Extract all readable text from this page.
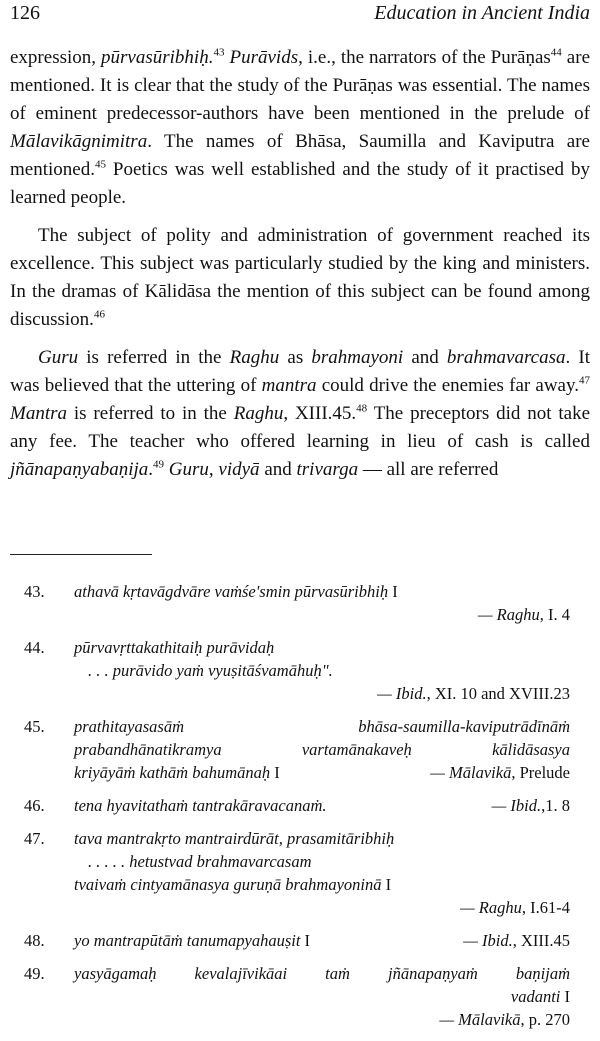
126	Education in Ancient India

expression, pūrvasūribhiḥ.$^{43}$ Purāvids, i.e., the narrators of the Purāṇas$^{44}$ are mentioned. It is clear that the study of the Purāṇas was essential. The names of eminent predecessor-authors have been mentioned in the prelude of Mālavikāgnimitra. The names of Bhāsa, Saumilla and Kaviputra are mentioned.$^{45}$ Poetics was well established and the study of it practised by learned people.

The subject of polity and administration of government reached its excellence. This subject was particularly studied by the king and ministers. In the dramas of Kālidāsa the mention of this subject can be found among discussion.$^{46}$

Guru is referred in the Raghu as brahmayoni and brahmavarcasa. It was believed that the uttering of mantra could drive the enemies far away.$^{47}$ Mantra is referred to in the Raghu, XIII.45.48 The preceptors did not take any fee. The teacher who offered learning in lieu of cash is called jñānapaṇyabaṇija.$^{49}$ Guru, vidyā and trivarga — all are referred

43. athavā kṛtavāgdvāre vaṁśe'smin pūrvasūribhiḥ I
— Raghu, I. 4
44. pūrvavṛttakathitaiḥ purāvidaḥ
. . . purāvido yaṁ vyuṣitāśvamāhuḥ".
— Ibid., XI. 10 and XVIII.23
45. prathitayasasāṁ bhāsa-saumilla-kaviputrādīnāṁ
prabandhānatikramya vartamānakaveḥ kālidāsasya
kriyāyāṁ kathāṁ bahumānaḥ I	— Mālavikā, Prelude
46. tena hyavitathaṁ tantrakāravacanaṁ.	— Ibid.,1. 8
47. tava mantrakṛto mantrairdūrāt, prasamitāribhiḥ
. . . . . hetustvad brahmavarcasam
tvaivaṁ cintyamānasya guruṇā brahmayoninā I
— Raghu, I.61-4
48. yo mantrapūtāṁ tanumapyahauṣit I	— Ibid., XIII.45
49. yasyāgamaḥ kevalajīvikāai taṁ jñānapaṇyaṁ baṇijaṁ
vadanti I
— Mālavikā, p. 270
